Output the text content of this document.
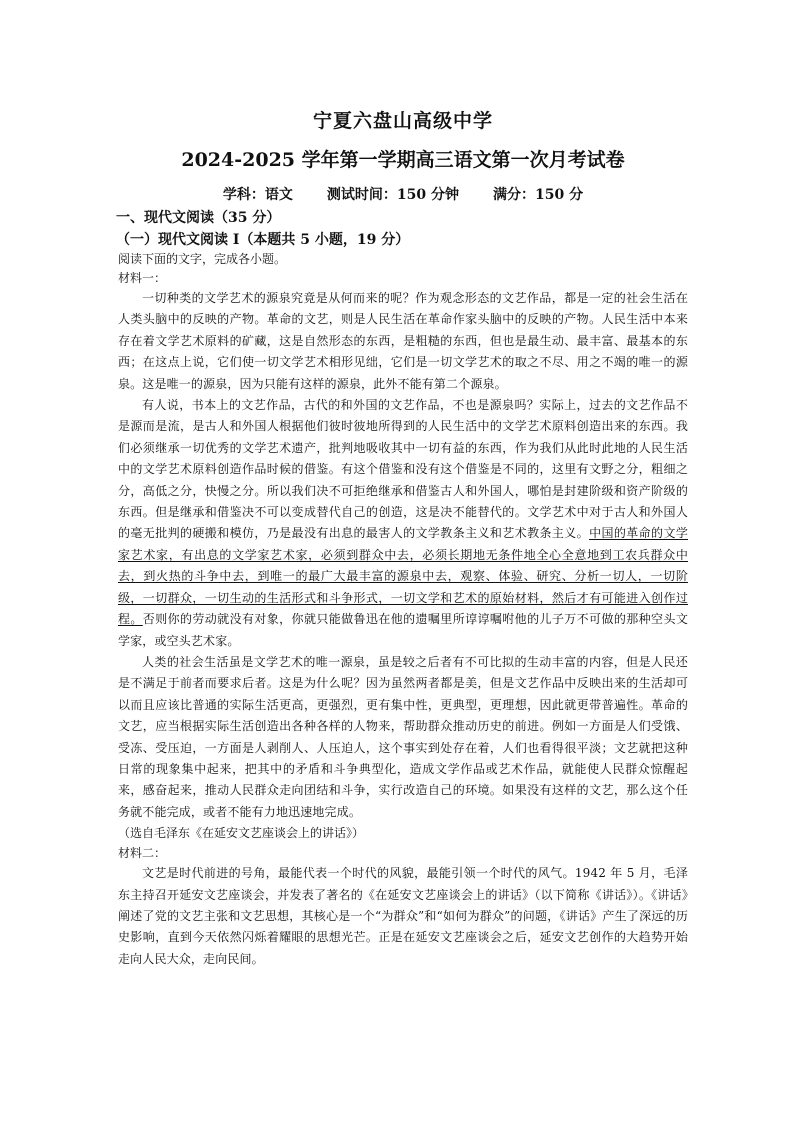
宁夏六盘山高级中学
2024-2025 学年第一学期高三语文第一次月考试卷
学科：语文 测试时间：150 分钟 满分：150 分
一、现代文阅读（35 分）
（一）现代文阅读 I（本题共 5 小题，19 分）

阅读下面的文字，完成各小题。

材料一：

一切种类的文学艺术的源泉究竟是从何而来的呢？作为观念形态的文艺作品，都是一定的社会生活在人类头脑中的反映的产物。革命的文艺，则是人民生活在革命作家头脑中的反映的产物。人民生活中本来存在着文学艺术原料的矿藏，这是自然形态的东西，是粗糙的东西，但也是最生动、最丰富、最基本的东西；在这点上说，它们使一切文学艺术相形见绌，它们是一切文学艺术的取之不尽、用之不竭的唯一的源泉。这是唯一的源泉，因为只能有这样的源泉，此外不能有第二个源泉。

有人说，书本上的文艺作品，古代的和外国的文艺作品，不也是源泉吗？实际上，过去的文艺作品不是源而是流，是古人和外国人根据他们彼时彼地所得到的人民生活中的文学艺术原料创造出来的东西。我们必须继承一切优秀的文学艺术遗产，批判地吸收其中一切有益的东西，作为我们从此时此地的人民生活中的文学艺术原料创造作品时候的借鉴。有这个借鉴和没有这个借鉴是不同的，这里有文野之分，粗细之分，高低之分，快慢之分。所以我们决不可拒绝继承和借鉴古人和外国人，哪怕是封建阶级和资产阶级的东西。但是继承和借鉴决不可以变成替代自己的创造，这是决不能替代的。文学艺术中对于古人和外国人的毫无批判的硬搬和模仿，乃是最没有出息的最害人的文学教条主义和艺术教条主义。中国的革命的文学家艺术家，有出息的文学家艺术家，必须到群众中去，必须长期地无条件地全心全意地到工农兵群众中去，到火热的斗争中去，到唯一的最广大最丰富的源泉中去，观察、体验、研究、分析一切人，一切阶级，一切群众，一切生动的生活形式和斗争形式，一切文学和艺术的原始材料，然后才有可能进入创作过程。否则你的劳动就没有对象，你就只能做鲁迅在他的遗嘱里所谆谆嘱咐他的儿子万不可做的那种空头文学家，或空头艺术家。

人类的社会生活虽是文学艺术的唯一源泉，虽是较之后者有不可比拟的生动丰富的内容，但是人民还是不满足于前者而要求后者。这是为什么呢？因为虽然两者都是美，但是文艺作品中反映出来的生活却可以而且应该比普通的实际生活更高，更强烈，更有集中性，更典型，更理想，因此就更带普遍性。革命的文艺，应当根据实际生活创造出各种各样的人物来，帮助群众推动历史的前进。例如一方面是人们受饿、受冻、受压迫，一方面是人剥削人、人压迫人，这个事实到处存在着，人们也看得很平淡；文艺就把这种日常的现象集中起来，把其中的矛盾和斗争典型化，造成文学作品或艺术作品，就能使人民群众惊醒起来，感奋起来，推动人民群众走向团结和斗争，实行改造自己的环境。如果没有这样的文艺，那么这个任务就不能完成，或者不能有力地迅速地完成。

（选自毛泽东《在延安文艺座谈会上的讲话》）

材料二：

文艺是时代前进的号角，最能代表一个时代的风貌，最能引领一个时代的风气。1942 年 5 月，毛泽东主持召开延安文艺座谈会，并发表了著名的《在延安文艺座谈会上的讲话》（以下简称《讲话》）。《讲话》阐述了党的文艺主张和文艺思想，其核心是一个“为群众”和“如何为群众”的问题，《讲话》产生了深远的历史影响，直到今天依然闪烁着耀眼的思想光芒。正是在延安文艺座谈会之后，延安文艺创作的大趋势开始走向人民大众，走向民间。
